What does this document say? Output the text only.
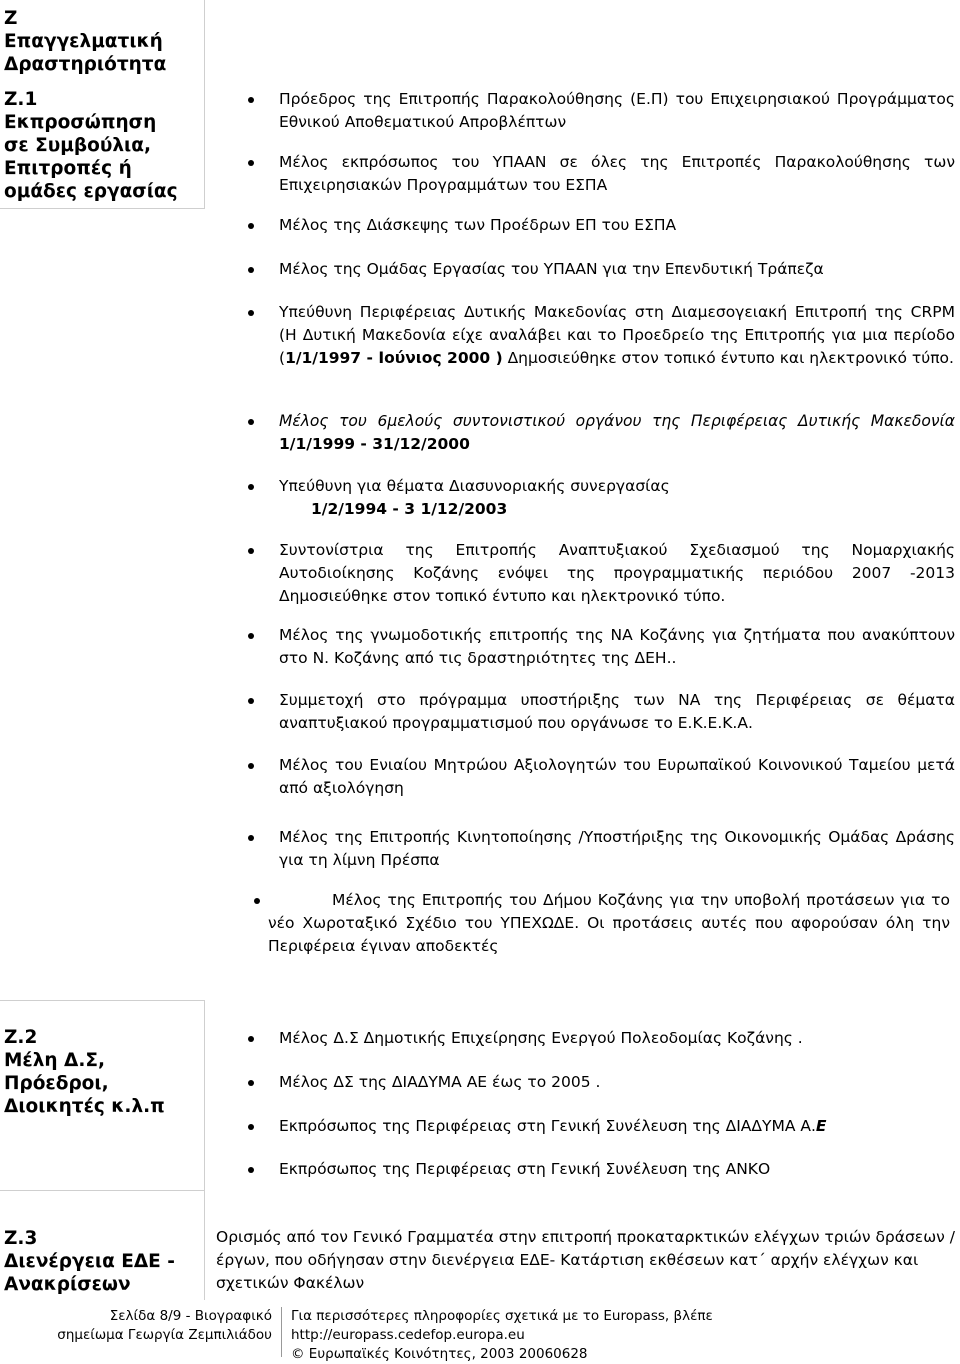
Z
Επαγγελματική
Δραστηριότητα
Z.1
Εκπροσώπηση
σε Συμβούλια,
Επιτροπές ή
ομάδες εργασίας
Πρόεδρος της Επιτροπής Παρακολούθησης (Ε.Π) του Επιχειρησιακού Προγράμματος Εθνικού Αποθεματικού Απροβλέπτων
Μέλος εκπρόσωπος του ΥΠΑΑΝ σε όλες της Επιτροπές Παρακολούθησης των Επιχειρησιακών Προγραμμάτων του ΕΣΠΑ
Μέλος της Διάσκεψης των Προέδρων ΕΠ του ΕΣΠΑ
Μέλος της Ομάδας Εργασίας του ΥΠΑΑΝ για την Επενδυτική Τράπεζα
Υπεύθυνη Περιφέρειας Δυτικής Μακεδονίας στη Διαμεσογειακή Επιτροπή της CRPM (Η Δυτική Μακεδονία είχε αναλάβει και το Προεδρείο της Επιτροπής για μια περίοδο (1/1/1997 - Ιούνιος 2000 ) Δημοσιεύθηκε στον τοπικό έντυπο και ηλεκτρονικό τύπο.
Μέλος του 6μελούς συντονιστικού οργάνου της Περιφέρειας Δυτικής Μακεδονία 1/1/1999 - 31/12/2000
Υπεύθυνη για θέματα Διασυνοριακής συνεργασίας
1/2/1994 - 3 1/12/2003
Συντονίστρια της Επιτροπής Αναπτυξιακού Σχεδιασμού της Νομαρχιακής Αυτοδιοίκησης Κοζάνης ενόψει της προγραμματικής περιόδου 2007 -2013 Δημοσιεύθηκε στον τοπικό έντυπο και ηλεκτρονικό τύπο.
Μέλος της γνωμοδοτικής επιτροπής της ΝΑ Κοζάνης για ζητήματα που ανακύπτουν στο Ν. Κοζάνης από τις δραστηριότητες της ΔΕΗ..
Συμμετοχή στο πρόγραμμα υποστήριξης των ΝΑ της Περιφέρειας σε θέματα αναπτυξιακού προγραμματισμού που οργάνωσε το Ε.Κ.Ε.Κ.Α.
Μέλος του Ενιαίου Μητρώου Αξιολογητών του Ευρωπαϊκού Κοινονικού Ταμείου μετά από αξιολόγηση
Μέλος της Επιτροπής Κινητοποίησης /Υποστήριξης της Οικονομικής Ομάδας Δράσης για τη λίμνη Πρέσπα
Μέλος της Επιτροπής του Δήμου Κοζάνης για την υποβολή προτάσεων για το νέο Χωροταξικό Σχέδιο του ΥΠΕΧΩΔΕ. Οι προτάσεις αυτές που αφορούσαν όλη την Περιφέρεια έγιναν αποδεκτές
Z.2
Μέλη Δ.Σ,
Πρόεδροι,
Διοικητές κ.λ.π
Μέλος Δ.Σ Δημοτικής Επιχείρησης Ενεργού Πολεοδομίας Κοζάνης .
Μέλος ΔΣ της ΔΙΑΔΥΜΑ ΑΕ έως το 2005 .
Εκπρόσωπος της Περιφέρειας στη Γενική Συνέλευση της ΔΙΑΔΥΜΑ Α.Ε
Εκπρόσωπος της Περιφέρειας στη Γενική Συνέλευση της ΑΝΚΟ
Z.3
Διενέργεια ΕΔΕ -
Ανακρίσεων
Ορισμός από τον Γενικό Γραμματέα στην επιτροπή προκαταρκτικών ελέγχων τριών δράσεων / έργων, που οδήγησαν στην διενέργεια ΕΔΕ- Κατάρτιση εκθέσεων κατ΄ αρχήν ελέγχων και σχετικών Φακέλων
Σελίδα 8/9 - Βιογραφικό
σημείωμα Γεωργία Ζεμπιλιάδου
Για περισσότερες πληροφορίες σχετικά με το Europass, βλέπε
http://europass.cedefop.europa.eu
© Ευρωπαϊκές Κοινότητες, 2003 20060628
